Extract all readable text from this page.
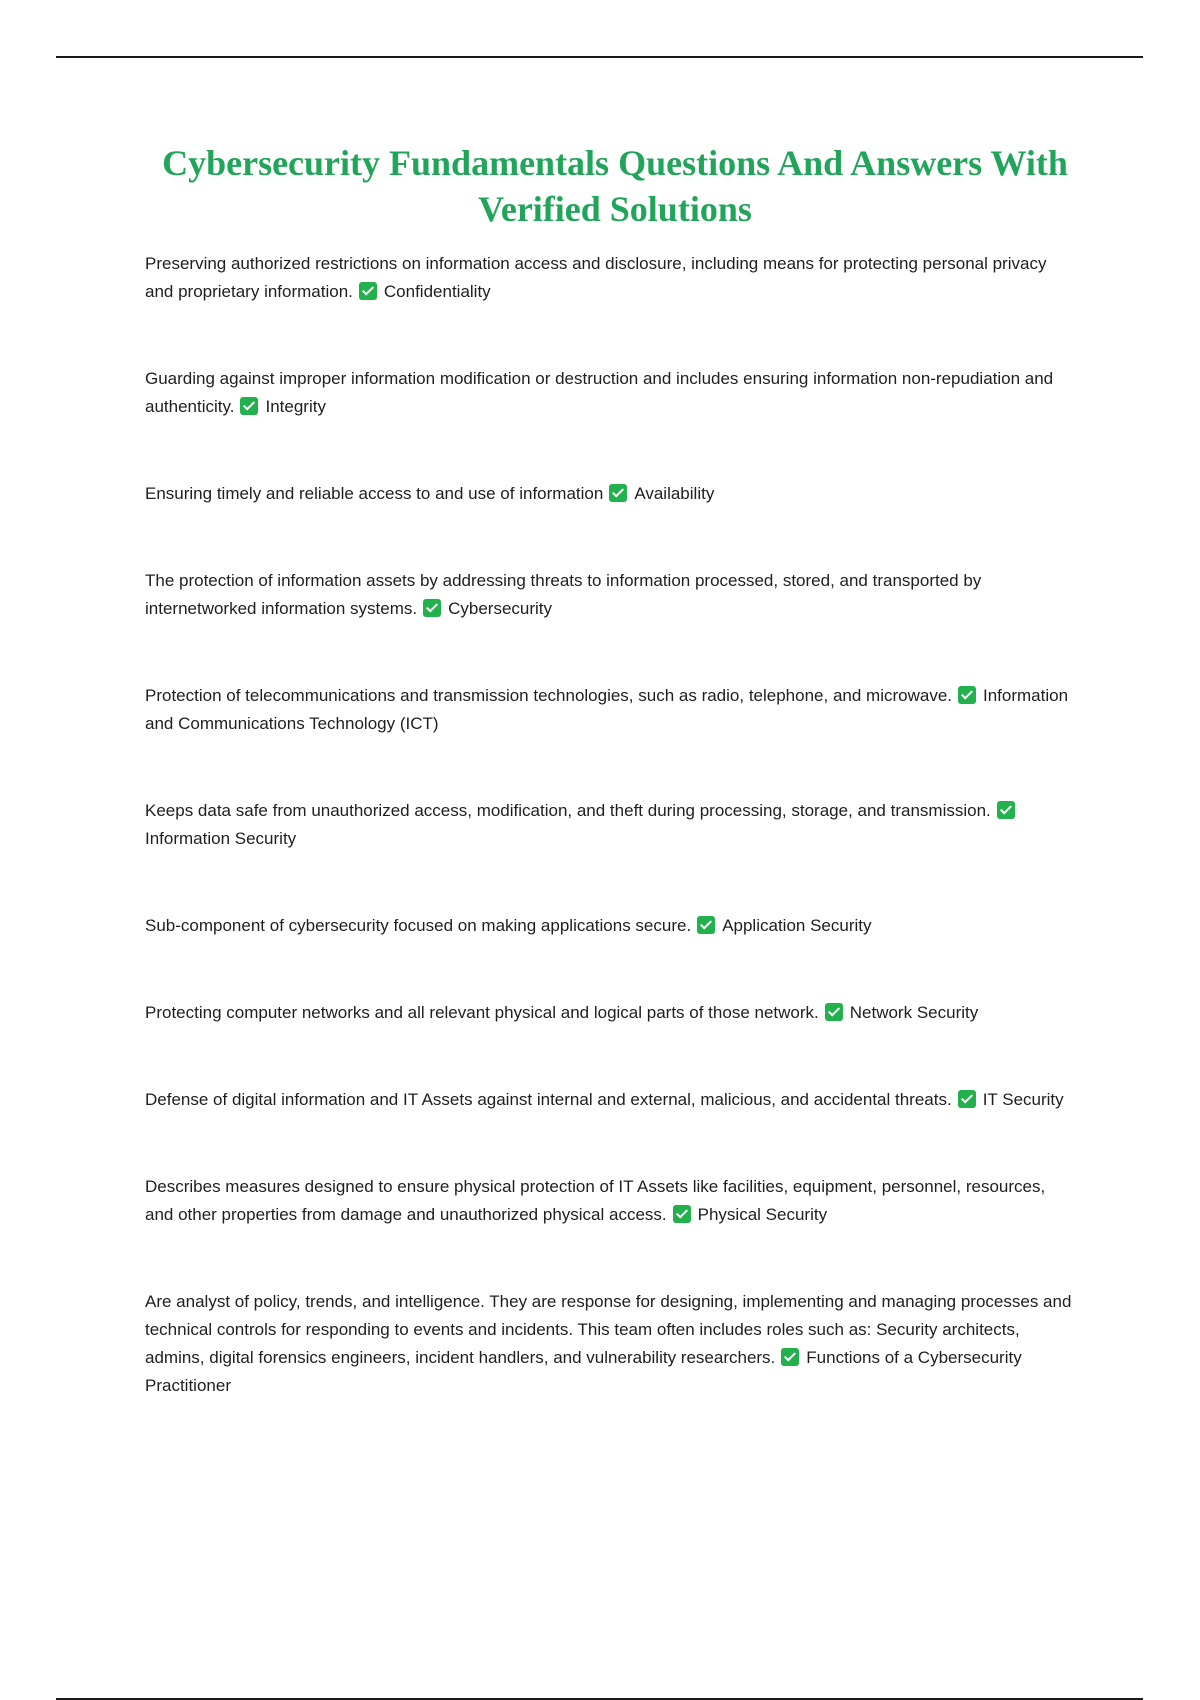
Cybersecurity Fundamentals Questions And Answers With Verified Solutions

Preserving authorized restrictions on information access and disclosure, including means for protecting personal privacy and proprietary information. Confidentiality

Guarding against improper information modification or destruction and includes ensuring information non-repudiation and authenticity. Integrity

Ensuring timely and reliable access to and use of information Availability

The protection of information assets by addressing threats to information processed, stored, and transported by internetworked information systems. Cybersecurity

Protection of telecommunications and transmission technologies, such as radio, telephone, and microwave. Information and Communications Technology (ICT)

Keeps data safe from unauthorized access, modification, and theft during processing, storage, and transmission.Information Security

Sub-component of cybersecurity focused on making applications secure. Application Security

Protecting computer networks and all relevant physical and logical parts of those network. Network Security

Defense of digital information and IT Assets against internal and external, malicious, and accidental threats. IT Security

Describes measures designed to ensure physical protection of IT Assets like facilities, equipment, personnel, resources, and other properties from damage and unauthorized physical access. Physical Security

Are analyst of policy, trends, and intelligence. They are response for designing, implementing and managing processes and technical controls for responding to events and incidents. This team often includes roles such as: Security architects, admins, digital forensics engineers, incident handlers, and vulnerability researchers. Functions of a Cybersecurity Practitioner
